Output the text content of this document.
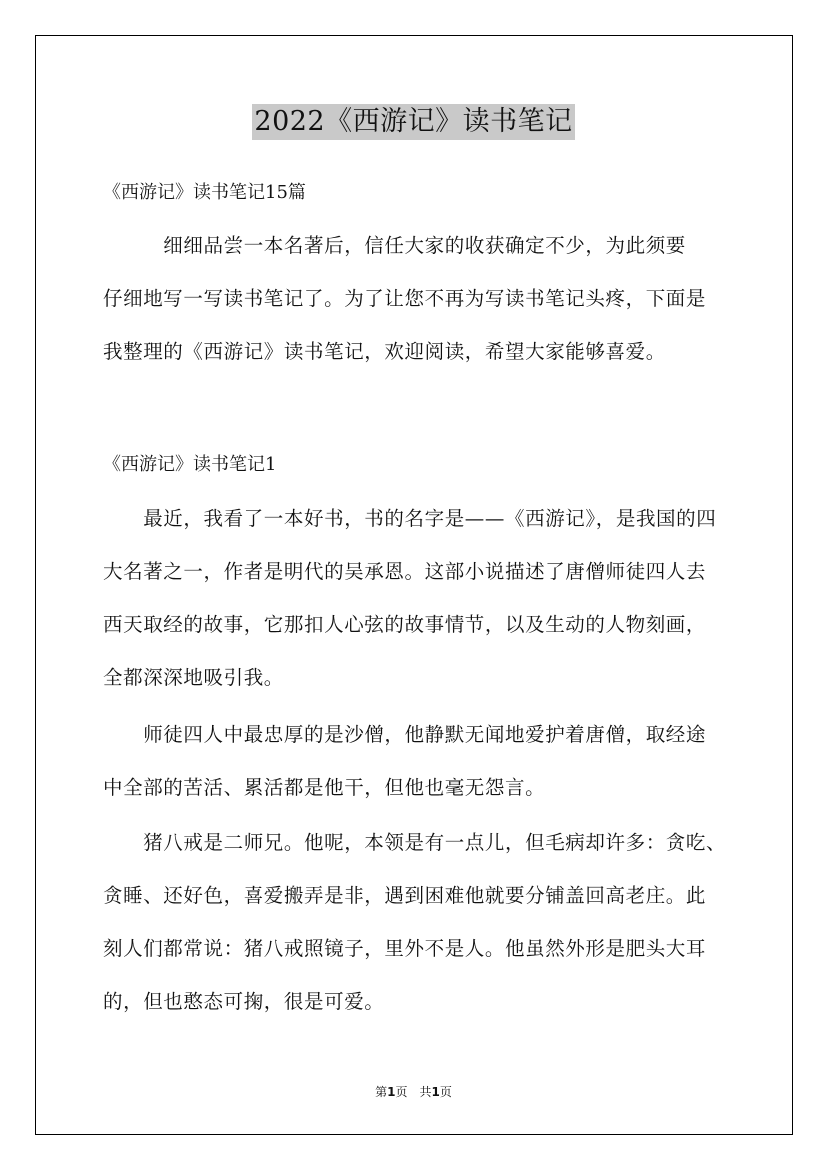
2022《西游记》读书笔记
《西游记》读书笔记15篇
　　　细细品尝一本名著后，信任大家的收获确定不少，为此须要
仔细地写一写读书笔记了。为了让您不再为写读书笔记头疼，下面是
我整理的《西游记》读书笔记，欢迎阅读，希望大家能够喜爱。
《西游记》读书笔记1
　　最近，我看了一本好书，书的名字是——《西游记》，是我国的四
大名著之一，作者是明代的吴承恩。这部小说描述了唐僧师徒四人去
西天取经的故事，它那扣人心弦的故事情节，以及生动的人物刻画，
全都深深地吸引我。
　　师徒四人中最忠厚的是沙僧，他静默无闻地爱护着唐僧，取经途
中全部的苦活、累活都是他干，但他也毫无怨言。
　　猪八戒是二师兄。他呢，本领是有一点儿，但毛病却许多：贪吃、
贪睡、还好色，喜爱搬弄是非，遇到困难他就要分铺盖回高老庄。此
刻人们都常说：猪八戒照镜子，里外不是人。他虽然外形是肥头大耳
的，但也憨态可掬，很是可爱。
第1页　共1页
